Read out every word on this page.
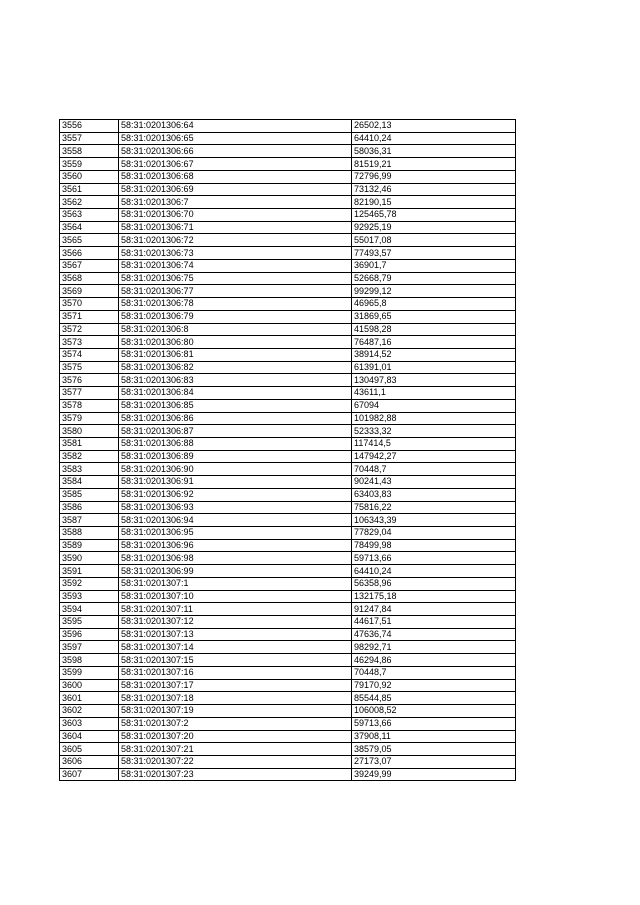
3556	58:31:0201306:64	26502,13
3557	58:31:0201306:65	64410,24
3558	58:31:0201306:66	58036,31
3559	58:31:0201306:67	81519,21
3560	58:31:0201306:68	72796,99
3561	58:31:0201306:69	73132,46
3562	58:31:0201306:7	82190,15
3563	58:31:0201306:70	125465,78
3564	58:31:0201306:71	92925,19
3565	58:31:0201306:72	55017,08
3566	58:31:0201306:73	77493,57
3567	58:31:0201306:74	36901,7
3568	58:31:0201306:75	52668,79
3569	58:31:0201306:77	99299,12
3570	58:31:0201306:78	46965,8
3571	58:31:0201306:79	31869,65
3572	58:31:0201306:8	41598,28
3573	58:31:0201306:80	76487,16
3574	58:31:0201306:81	38914,52
3575	58:31:0201306:82	61391,01
3576	58:31:0201306:83	130497,83
3577	58:31:0201306:84	43611,1
3578	58:31:0201306:85	67094
3579	58:31:0201306:86	101982,88
3580	58:31:0201306:87	52333,32
3581	58:31:0201306:88	117414,5
3582	58:31:0201306:89	147942,27
3583	58:31:0201306:90	70448,7
3584	58:31:0201306:91	90241,43
3585	58:31:0201306:92	63403,83
3586	58:31:0201306:93	75816,22
3587	58:31:0201306:94	106343,39
3588	58:31:0201306:95	77829,04
3589	58:31:0201306:96	78499,98
3590	58:31:0201306:98	59713,66
3591	58:31:0201306:99	64410,24
3592	58:31:0201307:1	56358,96
3593	58:31:0201307:10	132175,18
3594	58:31:0201307:11	91247,84
3595	58:31:0201307:12	44617,51
3596	58:31:0201307:13	47636,74
3597	58:31:0201307:14	98292,71
3598	58:31:0201307:15	46294,86
3599	58:31:0201307:16	70448,7
3600	58:31:0201307:17	79170,92
3601	58:31:0201307:18	85544,85
3602	58:31:0201307:19	106008,52
3603	58:31:0201307:2	59713,66
3604	58:31:0201307:20	37908,11
3605	58:31:0201307:21	38579,05
3606	58:31:0201307:22	27173,07
3607	58:31:0201307:23	39249,99
